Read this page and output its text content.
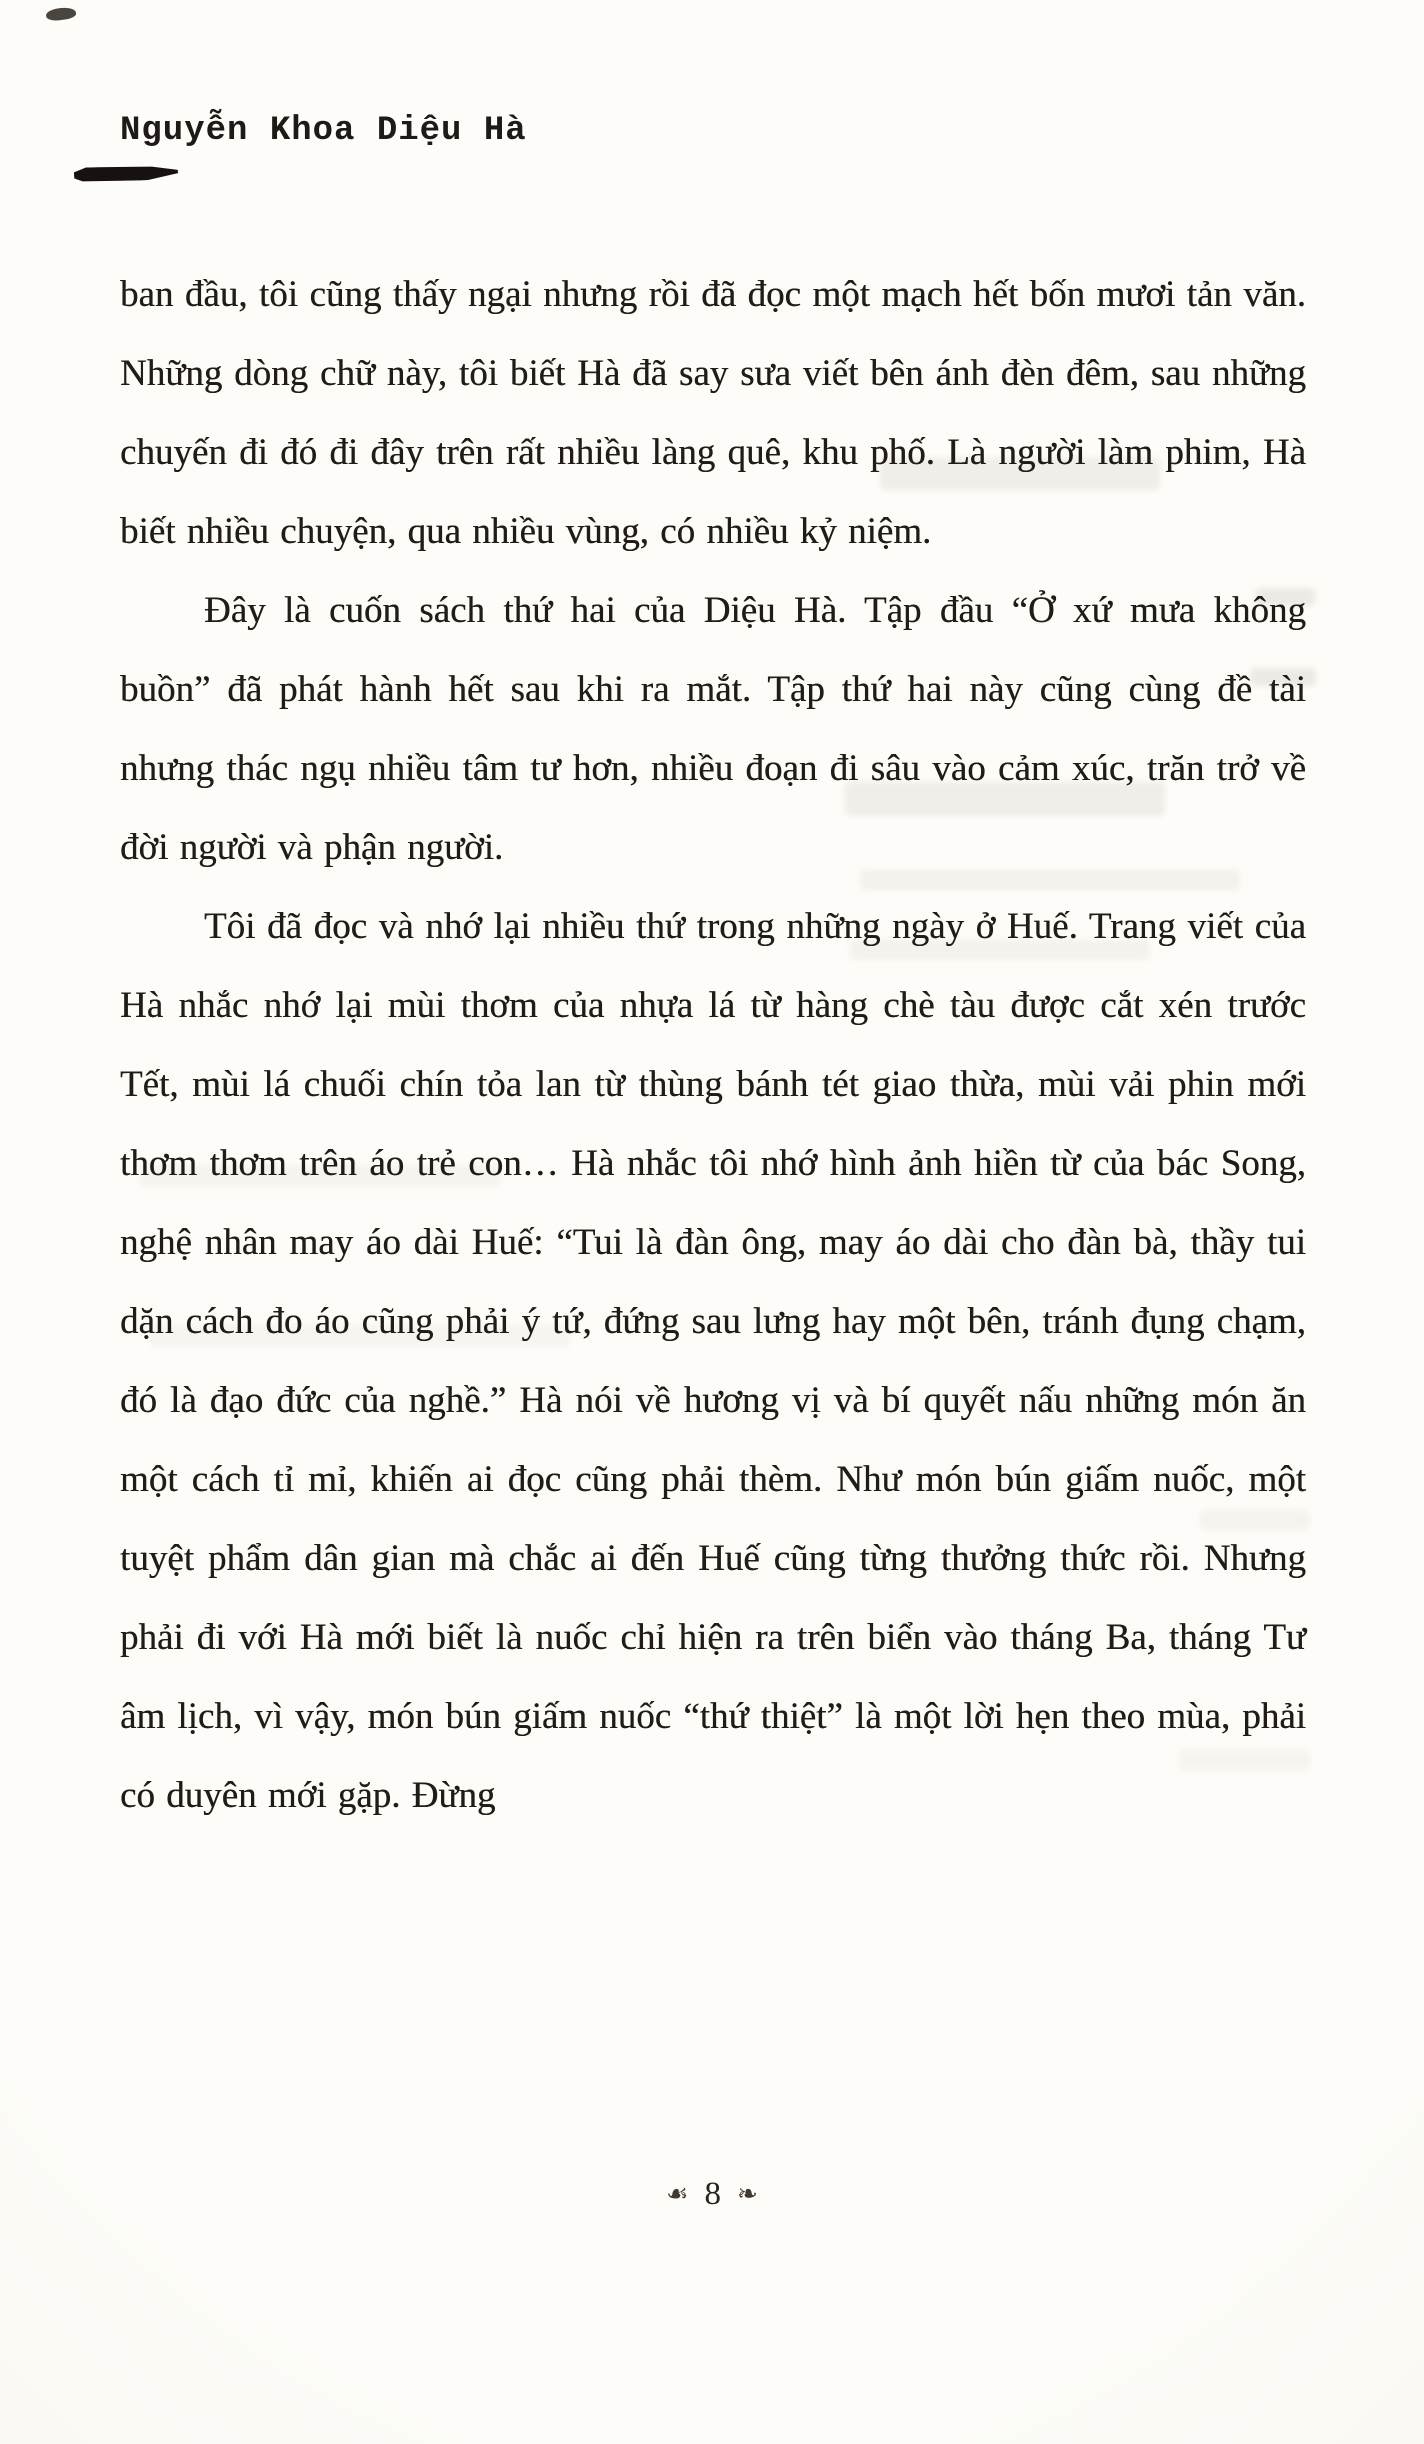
Nguyễn Khoa Diệu Hà

ban đầu, tôi cũng thấy ngại nhưng rồi đã đọc một mạch hết bốn mươi tản văn. Những dòng chữ này, tôi biết Hà đã say sưa viết bên ánh đèn đêm, sau những chuyến đi đó đi đây trên rất nhiều làng quê, khu phố. Là người làm phim, Hà biết nhiều chuyện, qua nhiều vùng, có nhiều kỷ niệm.

Đây là cuốn sách thứ hai của Diệu Hà. Tập đầu “Ở xứ mưa không buồn” đã phát hành hết sau khi ra mắt. Tập thứ hai này cũng cùng đề tài nhưng thác ngụ nhiều tâm tư hơn, nhiều đoạn đi sâu vào cảm xúc, trăn trở về đời người và phận người.

Tôi đã đọc và nhớ lại nhiều thứ trong những ngày ở Huế. Trang viết của Hà nhắc nhớ lại mùi thơm của nhựa lá từ hàng chè tàu được cắt xén trước Tết, mùi lá chuối chín tỏa lan từ thùng bánh tét giao thừa, mùi vải phin mới thơm thơm trên áo trẻ con… Hà nhắc tôi nhớ hình ảnh hiền từ của bác Song, nghệ nhân may áo dài Huế: “Tui là đàn ông, may áo dài cho đàn bà, thầy tui dặn cách đo áo cũng phải ý tứ, đứng sau lưng hay một bên, tránh đụng chạm, đó là đạo đức của nghề.” Hà nói về hương vị và bí quyết nấu những món ăn một cách tỉ mỉ, khiến ai đọc cũng phải thèm. Như món bún giấm nuốc, một tuyệt phẩm dân gian mà chắc ai đến Huế cũng từng thưởng thức rồi. Nhưng phải đi với Hà mới biết là nuốc chỉ hiện ra trên biển vào tháng Ba, tháng Tư âm lịch, vì vậy, món bún giấm nuốc “thứ thiệt” là một lời hẹn theo mùa, phải có duyên mới gặp. Đừng

☙ 8 ❧
